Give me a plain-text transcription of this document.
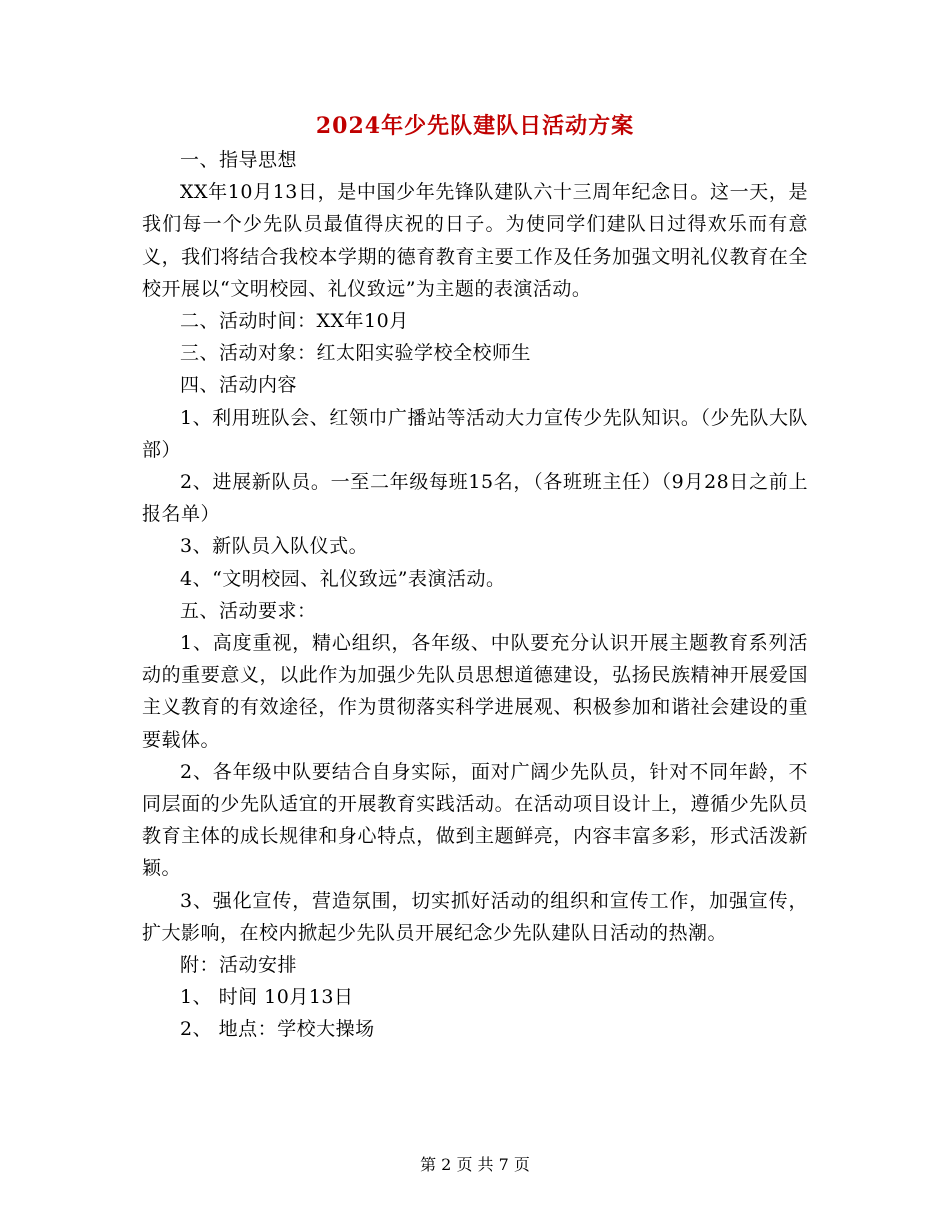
2024年少先队建队日活动方案

一、指导思想

XX年10月13日，是中国少年先锋队建队六十三周年纪念日。这一天，是我们每一个少先队员最值得庆祝的日子。为使同学们建队日过得欢乐而有意义，我们将结合我校本学期的德育教育主要工作及任务加强文明礼仪教育在全校开展以“文明校园、礼仪致远”为主题的表演活动。

二、活动时间：XX年10月

三、活动对象：红太阳实验学校全校师生

四、活动内容

1、利用班队会、红领巾广播站等活动大力宣传少先队知识。（少先队大队部）

2、进展新队员。一至二年级每班15名，（各班班主任）（9月28日之前上报名单）

3、新队员入队仪式。

4、“文明校园、礼仪致远”表演活动。

五、活动要求：

1、高度重视，精心组织，各年级、中队要充分认识开展主题教育系列活动的重要意义，以此作为加强少先队员思想道德建设，弘扬民族精神开展爱国主义教育的有效途径，作为贯彻落实科学进展观、积极参加和谐社会建设的重要载体。

2、各年级中队要结合自身实际，面对广阔少先队员，针对不同年龄，不同层面的少先队适宜的开展教育实践活动。在活动项目设计上，遵循少先队员教育主体的成长规律和身心特点，做到主题鲜亮，内容丰富多彩，形式活泼新颖。

3、强化宣传，营造氛围，切实抓好活动的组织和宣传工作，加强宣传，扩大影响，在校内掀起少先队员开展纪念少先队建队日活动的热潮。

附：活动安排

1、 时间 10月13日

2、 地点：学校大操场

第 2 页 共 7 页
